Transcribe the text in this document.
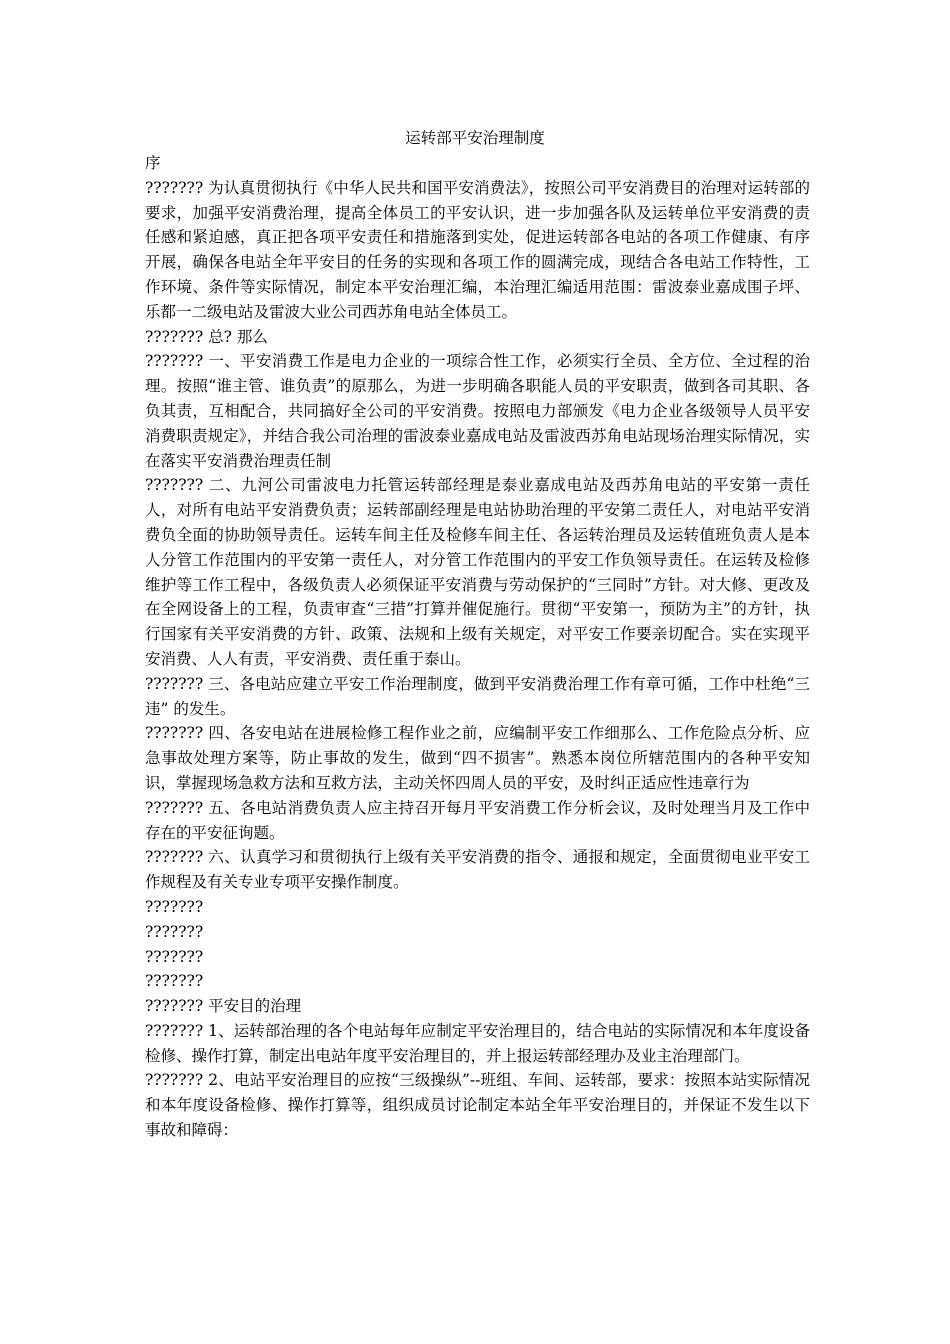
运转部平安治理制度

序

??????? 为认真贯彻执行《中华人民共和国平安消费法》，按照公司平安消费目的治理对运转部的要求，加强平安消费治理，提高全体员工的平安认识，进一步加强各队及运转单位平安消费的责任感和紧迫感，真正把各项平安责任和措施落到实处，促进运转部各电站的各项工作健康、有序开展，确保各电站全年平安目的任务的实现和各项工作的圆满完成，现结合各电站工作特性，工作环境、条件等实际情况，制定本平安治理汇编，本治理汇编适用范围：雷波泰业嘉成围子坪、乐都一二级电站及雷波大业公司西苏角电站全体员工。

??????? 总? 那么

??????? 一、平安消费工作是电力企业的一项综合性工作，必须实行全员、全方位、全过程的治理。按照“谁主管、谁负责”的原那么，为进一步明确各职能人员的平安职责，做到各司其职、各负其责，互相配合，共同搞好全公司的平安消费。按照电力部颁发《电力企业各级领导人员平安消费职责规定》，并结合我公司治理的雷波泰业嘉成电站及雷波西苏角电站现场治理实际情况，实在落实平安消费治理责任制

??????? 二、九河公司雷波电力托管运转部经理是泰业嘉成电站及西苏角电站的平安第一责任人，对所有电站平安消费负责；运转部副经理是电站协助治理的平安第二责任人，对电站平安消费负全面的协助领导责任。运转车间主任及检修车间主任、各运转治理员及运转值班负责人是本人分管工作范围内的平安第一责任人，对分管工作范围内的平安工作负领导责任。在运转及检修维护等工作工程中，各级负责人必须保证平安消费与劳动保护的“三同时”方针。对大修、更改及在全网设备上的工程，负责审查“三措”打算并催促施行。贯彻“平安第一，预防为主”的方针，执行国家有关平安消费的方针、政策、法规和上级有关规定，对平安工作要亲切配合。实在实现平安消费、人人有责，平安消费、责任重于泰山。

??????? 三、各电站应建立平安工作治理制度，做到平安消费治理工作有章可循，工作中杜绝“三违” 的发生。

??????? 四、各安电站在进展检修工程作业之前，应编制平安工作细那么、工作危险点分析、应急事故处理方案等，防止事故的发生，做到“四不损害”。熟悉本岗位所辖范围内的各种平安知识，掌握现场急救方法和互救方法，主动关怀四周人员的平安，及时纠正适应性违章行为

??????? 五、各电站消费负责人应主持召开每月平安消费工作分析会议，及时处理当月及工作中存在的平安征询题。

??????? 六、认真学习和贯彻执行上级有关平安消费的指令、通报和规定，全面贯彻电业平安工作规程及有关专业专项平安操作制度。

???????

???????

???????

???????

??????? 平安目的治理

??????? 1、运转部治理的各个电站每年应制定平安治理目的，结合电站的实际情况和本年度设备检修、操作打算，制定出电站年度平安治理目的，并上报运转部经理办及业主治理部门。

??????? 2、电站平安治理目的应按“三级操纵”--班组、车间、运转部，要求：按照本站实际情况和本年度设备检修、操作打算等，组织成员讨论制定本站全年平安治理目的，并保证不发生以下事故和障碍：
